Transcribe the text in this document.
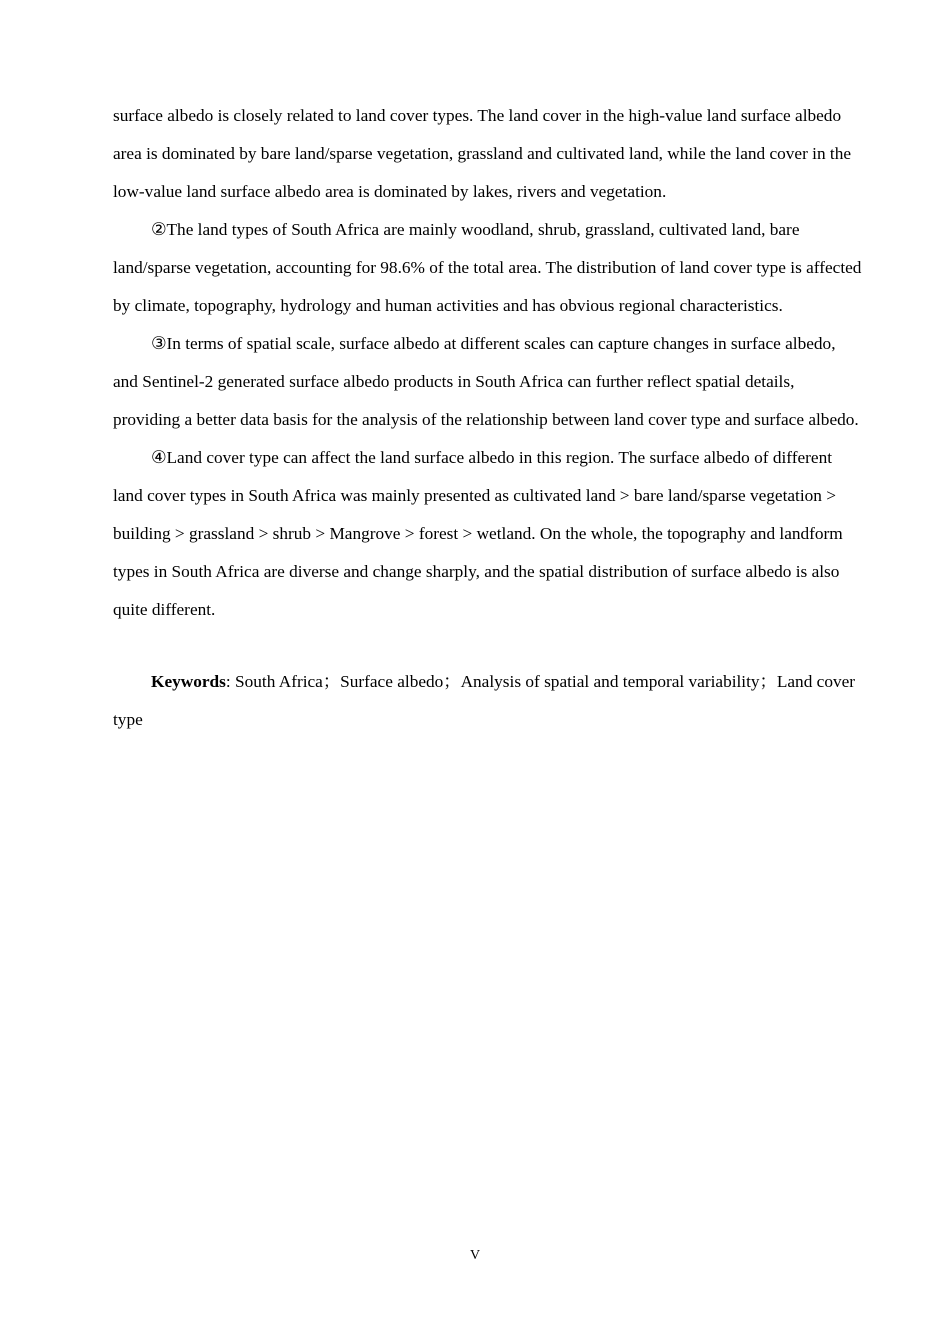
surface albedo is closely related to land cover types. The land cover in the high-value land surface albedo area is dominated by bare land/sparse vegetation, grassland and cultivated land, while the land cover in the low-value land surface albedo area is dominated by lakes, rivers and vegetation.

②The land types of South Africa are mainly woodland, shrub, grassland, cultivated land, bare land/sparse vegetation, accounting for 98.6% of the total area. The distribution of land cover type is affected by climate, topography, hydrology and human activities and has obvious regional characteristics.

③In terms of spatial scale, surface albedo at different scales can capture changes in surface albedo, and Sentinel-2 generated surface albedo products in South Africa can further reflect spatial details, providing a better data basis for the analysis of the relationship between land cover type and surface albedo.

④Land cover type can affect the land surface albedo in this region. The surface albedo of different land cover types in South Africa was mainly presented as cultivated land > bare land/sparse vegetation > building > grassland > shrub > Mangrove > forest > wetland. On the whole, the topography and landform types in South Africa are diverse and change sharply, and the spatial distribution of surface albedo is also quite different.

Keywords: South Africa；Surface albedo；Analysis of spatial and temporal variability；Land cover type

V
